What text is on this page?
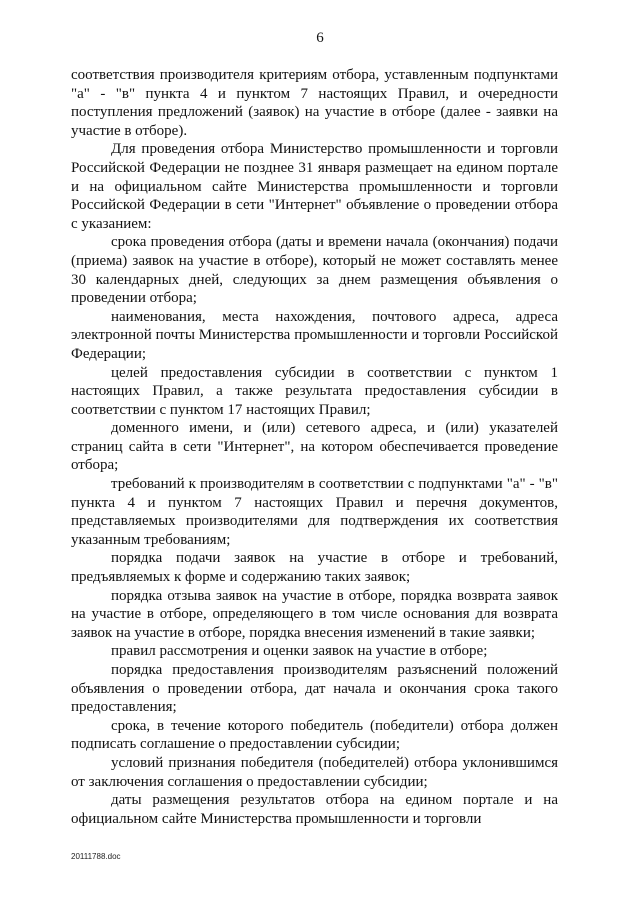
6

соответствия производителя критериям отбора, уставленным подпунктами "а" - "в" пункта 4 и пунктом 7 настоящих Правил, и очередности поступления предложений (заявок) на участие в отборе (далее - заявки на участие в отборе).

Для проведения отбора Министерство промышленности и торговли Российской Федерации не позднее 31 января размещает на едином портале и на официальном сайте Министерства промышленности и торговли Российской Федерации в сети "Интернет" объявление о проведении отбора с указанием:

срока проведения отбора (даты и времени начала (окончания) подачи (приема) заявок на участие в отборе), который не может составлять менее 30 календарных дней, следующих за днем размещения объявления о проведении отбора;

наименования, места нахождения, почтового адреса, адреса электронной почты Министерства промышленности и торговли Российской Федерации;

целей предоставления субсидии в соответствии с пунктом 1 настоящих Правил, а также результата предоставления субсидии в соответствии с пунктом 17 настоящих Правил;

доменного имени, и (или) сетевого адреса, и (или) указателей страниц сайта в сети "Интернет", на котором обеспечивается проведение отбора;

требований к производителям в соответствии с подпунктами "а" - "в" пункта 4 и пунктом 7 настоящих Правил и перечня документов, представляемых производителями для подтверждения их соответствия указанным требованиям;

порядка подачи заявок на участие в отборе и требований, предъявляемых к форме и содержанию таких заявок;

порядка отзыва заявок на участие в отборе, порядка возврата заявок на участие в отборе, определяющего в том числе основания для возврата заявок на участие в отборе, порядка внесения изменений в такие заявки;

правил рассмотрения и оценки заявок на участие в отборе;

порядка предоставления производителям разъяснений положений объявления о проведении отбора, дат начала и окончания срока такого предоставления;

срока, в течение которого победитель (победители) отбора должен подписать соглашение о предоставлении субсидии;

условий признания победителя (победителей) отбора уклонившимся от заключения соглашения о предоставлении субсидии;

даты размещения результатов отбора на едином портале и на официальном сайте Министерства промышленности и торговли

20111788.doc
